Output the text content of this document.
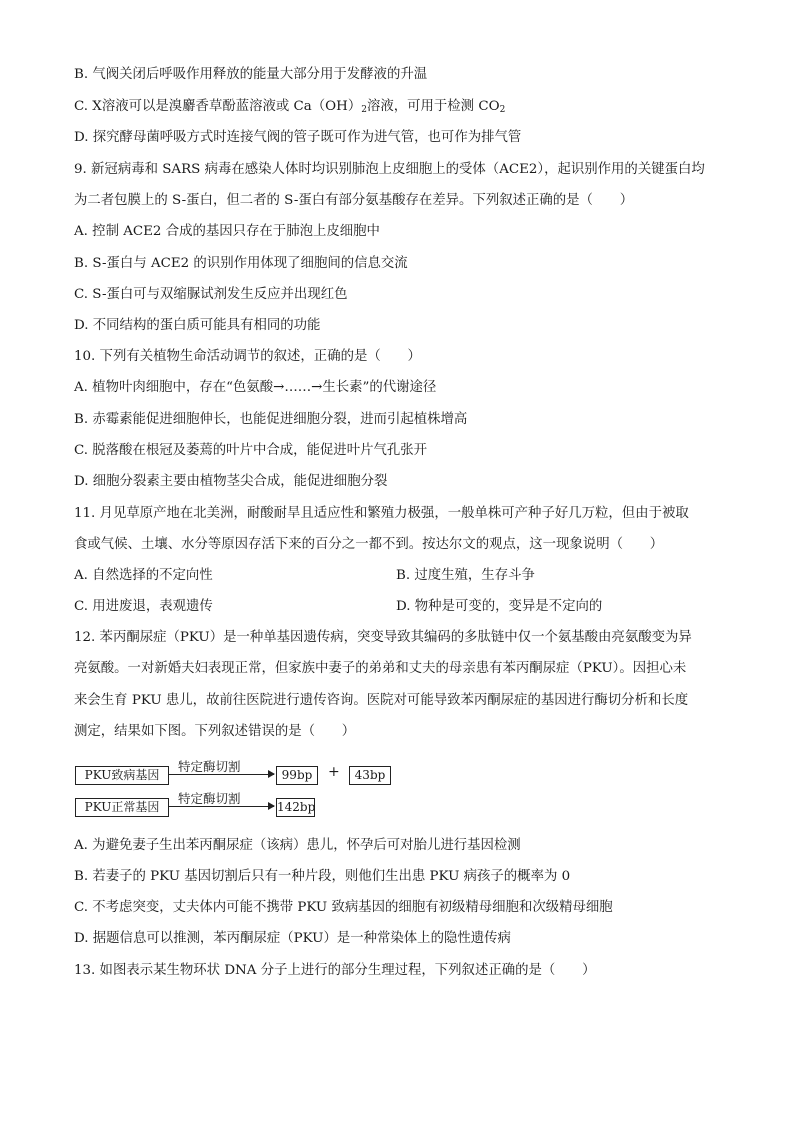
B. 气阀关闭后呼吸作用释放的能量大部分用于发酵液的升温
C. X溶液可以是溴麝香草酚蓝溶液或 $Ca(OH)_2$溶液，可用于检测 $CO_2$
D. 探究酵母菌呼吸方式时连接气阀的管子既可作为进气管，也可作为排气管
9. 新冠病毒和 SARS 病毒在感染人体时均识别肺泡上皮细胞上的受体（ACE2），起识别作用的关键蛋白均
为二者包膜上的 S-蛋白，但二者的 S-蛋白有部分氨基酸存在差异。下列叙述正确的是（　　）
A. 控制 ACE2 合成的基因只存在于肺泡上皮细胞中
B. S-蛋白与 ACE2 的识别作用体现了细胞间的信息交流
C. S-蛋白可与双缩脲试剂发生反应并出现红色
D. 不同结构的蛋白质可能具有相同的功能
10. 下列有关植物生命活动调节的叙述，正确的是（　　）
A. 植物叶肉细胞中，存在“色氨酸→……→生长素”的代谢途径
B. 赤霉素能促进细胞伸长，也能促进细胞分裂，进而引起植株增高
C. 脱落酸在根冠及萎蔫的叶片中合成，能促进叶片气孔张开
D. 细胞分裂素主要由植物茎尖合成，能促进细胞分裂
11. 月见草原产地在北美洲，耐酸耐旱且适应性和繁殖力极强，一般单株可产种子好几万粒，但由于被取
食或气候、土壤、水分等原因存活下来的百分之一都不到。按达尔文的观点，这一现象说明（　　）
A. 自然选择的不定向性	B. 过度生殖，生存斗争
C. 用进废退，表观遗传	D. 物种是可变的，变异是不定向的
12. 苯丙酮尿症（PKU）是一种单基因遗传病，突变导致其编码的多肽链中仅一个氨基酸由亮氨酸变为异
亮氨酸。一对新婚夫妇表现正常，但家族中妻子的弟弟和丈夫的母亲患有苯丙酮尿症（PKU）。因担心未
来会生育 PKU 患儿，故前往医院进行遗传咨询。医院对可能导致苯丙酮尿症的基因进行酶切分析和长度
测定，结果如下图。下列叙述错误的是（　　）
PKU致病基因
特定酶切割
99bp	+	43bp
PKU正常基因
特定酶切割
142bp
A. 为避免妻子生出苯丙酮尿症（该病）患儿，怀孕后可对胎儿进行基因检测
B. 若妻子的 PKU 基因切割后只有一种片段，则他们生出患 PKU 病孩子的概率为 0
C. 不考虑突变，丈夫体内可能不携带 PKU 致病基因的细胞有初级精母细胞和次级精母细胞
D. 据题信息可以推测，苯丙酮尿症（PKU）是一种常染体上的隐性遗传病
13. 如图表示某生物环状 DNA 分子上进行的部分生理过程，下列叙述正确的是（　　）
